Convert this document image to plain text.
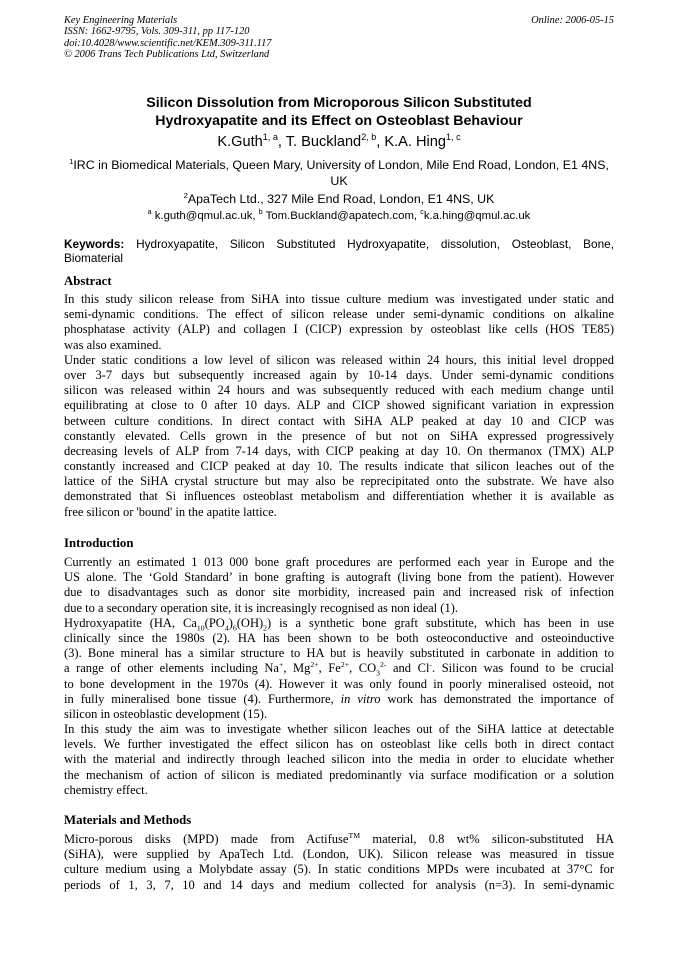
Key Engineering Materials
ISSN: 1662-9795, Vols. 309-311, pp 117-120
doi:10.4028/www.scientific.net/KEM.309-311.117
© 2006 Trans Tech Publications Ltd, Switzerland
Online: 2006-05-15
Silicon Dissolution from Microporous Silicon Substituted
Hydroxyapatite and its Effect on Osteoblast Behaviour
K.Guth$^{1, a}$, T. Buckland$^{2, b}$, K.A. Hing$^{1, c}$
$^1$IRC in Biomedical Materials, Queen Mary, University of London, Mile End Road, London, E1 4NS,
UK
$^2$ApaTech Ltd., 327 Mile End Road, London, E1 4NS, UK
$^a$ k.guth@qmul.ac.uk, $^b$ Tom.Buckland@apatech.com, $^c$k.a.hing@qmul.ac.uk
Keywords: Hydroxyapatite, Silicon Substituted Hydroxyapatite, dissolution, Osteoblast, Bone, Biomaterial
Abstract
In this study silicon release from SiHA into tissue culture medium was investigated under static and
semi-dynamic conditions. The effect of silicon release under semi-dynamic conditions on alkaline
phosphatase activity (ALP) and collagen I (CICP) expression by osteoblast like cells (HOS TE85)
was also examined.
Under static conditions a low level of silicon was released within 24 hours, this initial level dropped
over 3-7 days but subsequently increased again by 10-14 days. Under semi-dynamic conditions
silicon was released within 24 hours and was subsequently reduced with each medium change until
equilibrating at close to 0 after 10 days. ALP and CICP showed significant variation in expression
between culture conditions. In direct contact with SiHA ALP peaked at day 10 and CICP was
constantly elevated. Cells grown in the presence of but not on SiHA expressed progressively
decreasing levels of ALP from 7-14 days, with CICP peaking at day 10. On thermanox (TMX) ALP
constantly increased and CICP peaked at day 10. The results indicate that silicon leaches out of the
lattice of the SiHA crystal structure but may also be reprecipitated onto the substrate. We have also
demonstrated that Si influences osteoblast metabolism and differentiation whether it is available as
free silicon or 'bound' in the apatite lattice.
Introduction
Currently an estimated 1 013 000 bone graft procedures are performed each year in Europe and the
US alone. The ‘Gold Standard’ in bone grafting is autograft (living bone from the patient). However
due to disadvantages such as donor site morbidity, increased pain and increased risk of infection
due to a secondary operation site, it is increasingly recognised as non ideal (1).
Hydroxyapatite (HA, $Ca_{10}(PO_4)_6(OH)_2$) is a synthetic bone graft substitute, which has been in use
clinically since the 1980s (2). HA has been shown to be both osteoconductive and osteoinductive
(3). Bone mineral has a similar structure to HA but is heavily substituted in carbonate in addition to
a range of other elements including Na+, $Mg^{2+}$, $Fe^{2+}$, $CO_3^{2-}$ and Cl-. Silicon was found to be crucial
to bone development in the 1970s (4). However it was only found in poorly mineralised osteoid, not
in fully mineralised bone tissue (4). Furthermore, in vitro work has demonstrated the importance of
silicon in osteoblastic development (15).
In this study the aim was to investigate whether silicon leaches out of the SiHA lattice at detectable
levels. We further investigated the effect silicon has on osteoblast like cells both in direct contact
with the material and indirectly through leached silicon into the media in order to elucidate whether
the mechanism of action of silicon is mediated predominantly via surface modification or a solution
chemistry effect.
Materials and Methods
Micro-porous disks (MPD) made from Actifuse™ material, 0.8 wt% silicon-substituted HA
(SiHA), were supplied by ApaTech Ltd. (London, UK). Silicon release was measured in tissue
culture medium using a Molybdate assay (5). In static conditions MPDs were incubated at 37°C for
periods of 1, 3, 7, 10 and 14 days and medium collected for analysis (n=3). In semi-dynamic
